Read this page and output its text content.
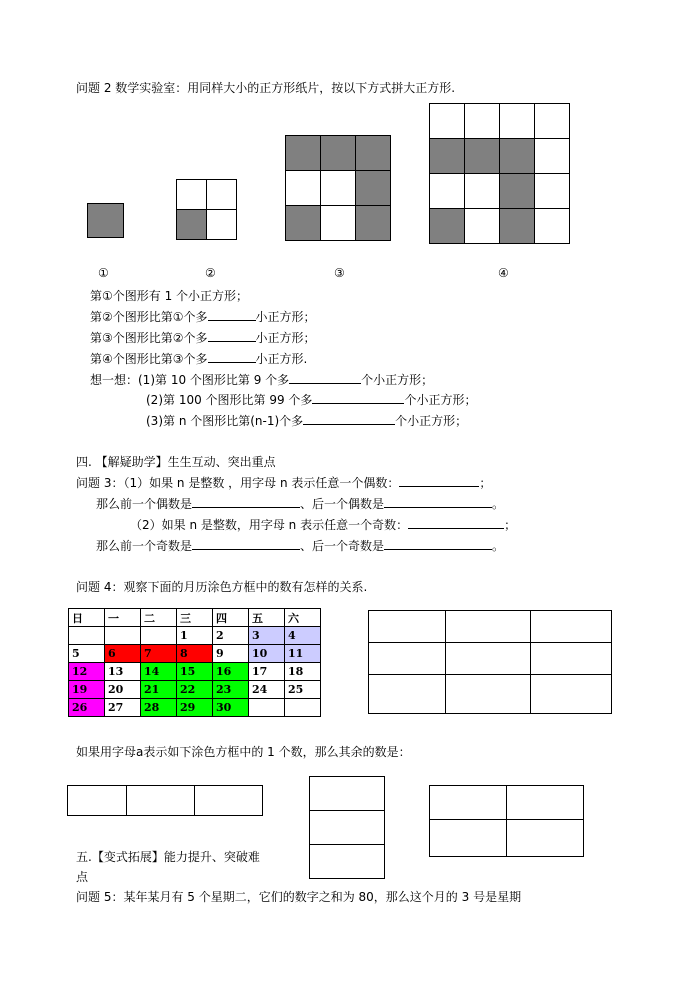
问题 2 数学实验室：用同样大小的正方形纸片，按以下方式拼大正方形.

①	②	③	④
第①个图形有 1 个小正方形；
第②个图形比第①个多	小正方形；
第③个图形比第②个多	小正方形；
第④个图形比第③个多	小正方形.
想一想：(1)第 10 个图形比第 9 个多	个小正方形；
(2)第 100 个图形比第 99 个多	个小正方形；
(3)第 n 个图形比第(n-1)个多	个小正方形；
四. 【解疑助学】生生互动、突出重点
问题 3：（1）如果 n 是整数 ，用字母 n 表示任意一个偶数：	；
那么前一个偶数是	、后一个偶数是	。
（2）如果 n 是整数，用字母 n 表示任意一个奇数：	；
那么前一个奇数是	、后一个奇数是	。
问题 4：观察下面的月历涂色方框中的数有怎样的关系.
日	一	二	三	四	五	六
			1	2	3	4
5	6	7	8	9	10	11
12	13	14	15	16	17	18
19	20	21	22	23	24	25
26	27	28	29	30		

如果用字母a表示如下涂色方框中的 1 个数，那么其余的数是：

五.【变式拓展】能力提升、突破难
点
问题 5：某年某月有 5 个星期二，它们的数字之和为 80，那么这个月的 3 号是星期
